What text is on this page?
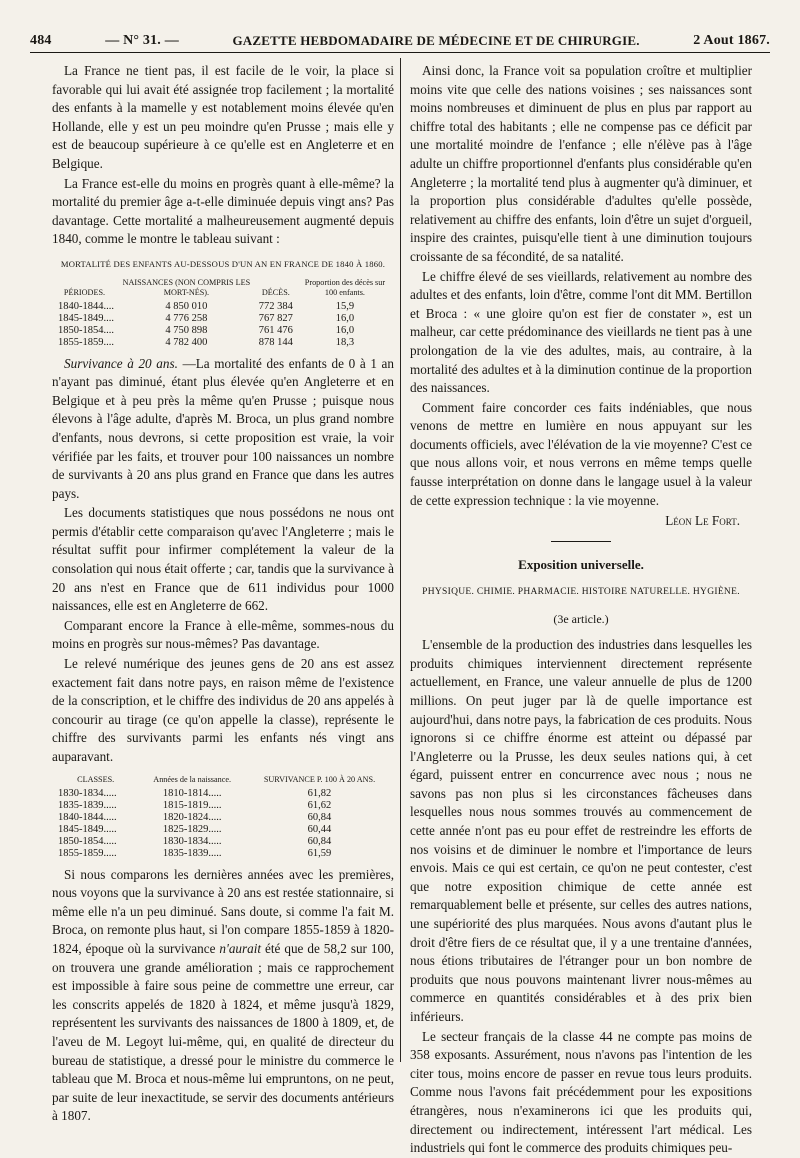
484	— N° 31. —	GAZETTE HEBDOMADAIRE DE MÉDECINE ET DE CHIRURGIE.	2 Aout 1867.

La France ne tient pas, il est facile de le voir, la place si favorable qui lui avait été assignée trop facilement ; la mortalité des enfants à la mamelle y est notablement moins élevée qu'en Hollande, elle y est un peu moindre qu'en Prusse ; mais elle y est de beaucoup supérieure à ce qu'elle est en Angleterre et en Belgique.

La France est-elle du moins en progrès quant à elle-même? la mortalité du premier âge a-t-elle diminuée depuis vingt ans? Pas davantage. Cette mortalité a malheureusement augmenté depuis 1840, comme le montre le tableau suivant :

MORTALITÉ DES ENFANTS AU-DESSOUS D'UN AN EN FRANCE DE 1840 À 1860.
PÉRIODES.	NAISSANCES (NON COMPRIS LES MORT-NÉS).	DÉCÈS.	Proportion des décès sur 100 enfants.
1840-1844....	4 850 010	772 384	15,9
1845-1849....	4 776 258	767 827	16,0
1850-1854....	4 750 898	761 476	16,0
1855-1859....	4 782 400	878 144	18,3

Survivance à 20 ans. —La mortalité des enfants de 0 à 1 an n'ayant pas diminué, étant plus élevée qu'en Angleterre et en Belgique et à peu près la même qu'en Prusse ; puisque nous élevons à l'âge adulte, d'après M. Broca, un plus grand nombre d'enfants, nous devrons, si cette proposition est vraie, la voir vérifiée par les faits, et trouver pour 100 naissances un nombre de survivants à 20 ans plus grand en France que dans les autres pays.

Les documents statistiques que nous possédons ne nous ont permis d'établir cette comparaison qu'avec l'Angleterre ; mais le résultat suffit pour infirmer complétement la valeur de la consolation qui nous était offerte ; car, tandis que la survivance à 20 ans n'est en France que de 611 individus pour 1000 naissances, elle est en Angleterre de 662.

Comparant encore la France à elle-même, sommes-nous du moins en progrès sur nous-mêmes? Pas davantage.

Le relevé numérique des jeunes gens de 20 ans est assez exactement fait dans notre pays, en raison même de l'existence de la conscription, et le chiffre des individus de 20 ans appelés à concourir au tirage (ce qu'on appelle la classe), représente le chiffre des survivants parmi les enfants nés vingt ans auparavant.

CLASSES.	Années de la naissance.	SURVIVANCE P. 100 À 20 ANS.
1830-1834.....	1810-1814.....	61,82
1835-1839.....	1815-1819.....	61,62
1840-1844.....	1820-1824.....	60,84
1845-1849.....	1825-1829.....	60,44
1850-1854.....	1830-1834.....	60,84
1855-1859.....	1835-1839.....	61,59

Si nous comparons les dernières années avec les premières, nous voyons que la survivance à 20 ans est restée stationnaire, si même elle n'a un peu diminué. Sans doute, si comme l'a fait M. Broca, on remonte plus haut, si l'on compare 1855-1859 à 1820-1824, époque où la survivance n'aurait été que de 58,2 sur 100, on trouvera une grande amélioration ; mais ce rapprochement est impossible à faire sous peine de commettre une erreur, car les conscrits appelés de 1820 à 1824, et même jusqu'à 1829, représentent les survivants des naissances de 1800 à 1809, et, de l'aveu de M. Legoyt lui-même, qui, en qualité de directeur du bureau de statistique, a dressé pour le ministre du commerce le tableau que M. Broca et nous-même lui empruntons, on ne peut, par suite de leur inexactitude, se servir des documents antérieurs à 1807.

Ainsi donc, la France voit sa population croître et multiplier moins vite que celle des nations voisines ; ses naissances sont moins nombreuses et diminuent de plus en plus par rapport au chiffre total des habitants ; elle ne compense pas ce déficit par une mortalité moindre de l'enfance ; elle n'élève pas à l'âge adulte un chiffre proportionnel d'enfants plus considérable qu'en Angleterre ; la mortalité tend plus à augmenter qu'à diminuer, et la proportion plus considérable d'adultes qu'elle possède, relativement au chiffre des enfants, loin d'être un sujet d'orgueil, inspire des craintes, puisqu'elle tient à une diminution toujours croissante de sa fécondité, de sa natalité.

Le chiffre élevé de ses vieillards, relativement au nombre des adultes et des enfants, loin d'être, comme l'ont dit MM. Bertillon et Broca : « une gloire qu'on est fier de constater », est un malheur, car cette prédominance des vieillards ne tient pas à une prolongation de la vie des adultes, mais, au contraire, à la mortalité des adultes et à la diminution continue de la proportion des naissances.

Comment faire concorder ces faits indéniables, que nous venons de mettre en lumière en nous appuyant sur les documents officiels, avec l'élévation de la vie moyenne? C'est ce que nous allons voir, et nous verrons en même temps quelle fausse interprétation on donne dans le langage usuel à la valeur de cette expression technique : la vie moyenne.

Léon Le Fort.

Exposition universelle.

PHYSIQUE. CHIMIE. PHARMACIE. HISTOIRE NATURELLE. HYGIÈNE.

(3e article.)

L'ensemble de la production des industries dans lesquelles les produits chimiques interviennent directement représente actuellement, en France, une valeur annuelle de plus de 1200 millions. On peut juger par là de quelle importance est aujourd'hui, dans notre pays, la fabrication de ces produits. Nous ignorons si ce chiffre énorme est atteint ou dépassé par l'Angleterre ou la Prusse, les deux seules nations qui, à cet égard, puissent entrer en concurrence avec nous ; nous ne savons pas non plus si les circonstances fâcheuses dans lesquelles nous nous sommes trouvés au commencement de cette année n'ont pas eu pour effet de restreindre les efforts de nos voisins et de diminuer le nombre et l'importance de leurs envois. Mais ce qui est certain, ce qu'on ne peut contester, c'est que notre exposition chimique de cette année est remarquablement belle et présente, sur celles des autres nations, une supériorité des plus marquées. Nous avons d'autant plus le droit d'être fiers de ce résultat que, il y a une trentaine d'années, nous étions tributaires de l'étranger pour un bon nombre de produits que nous pouvons maintenant livrer nous-mêmes au commerce en quantités considérables et à des prix bien inférieurs.

Le secteur français de la classe 44 ne compte pas moins de 358 exposants. Assurément, nous n'avons pas l'intention de les citer tous, moins encore de passer en revue tous leurs produits. Comme nous l'avons fait précédemment pour les expositions étrangères, nous n'examinerons ici que les produits qui, directement ou indirectement, intéressent l'art médical. Les industriels qui font le commerce des produits chimiques peu-
